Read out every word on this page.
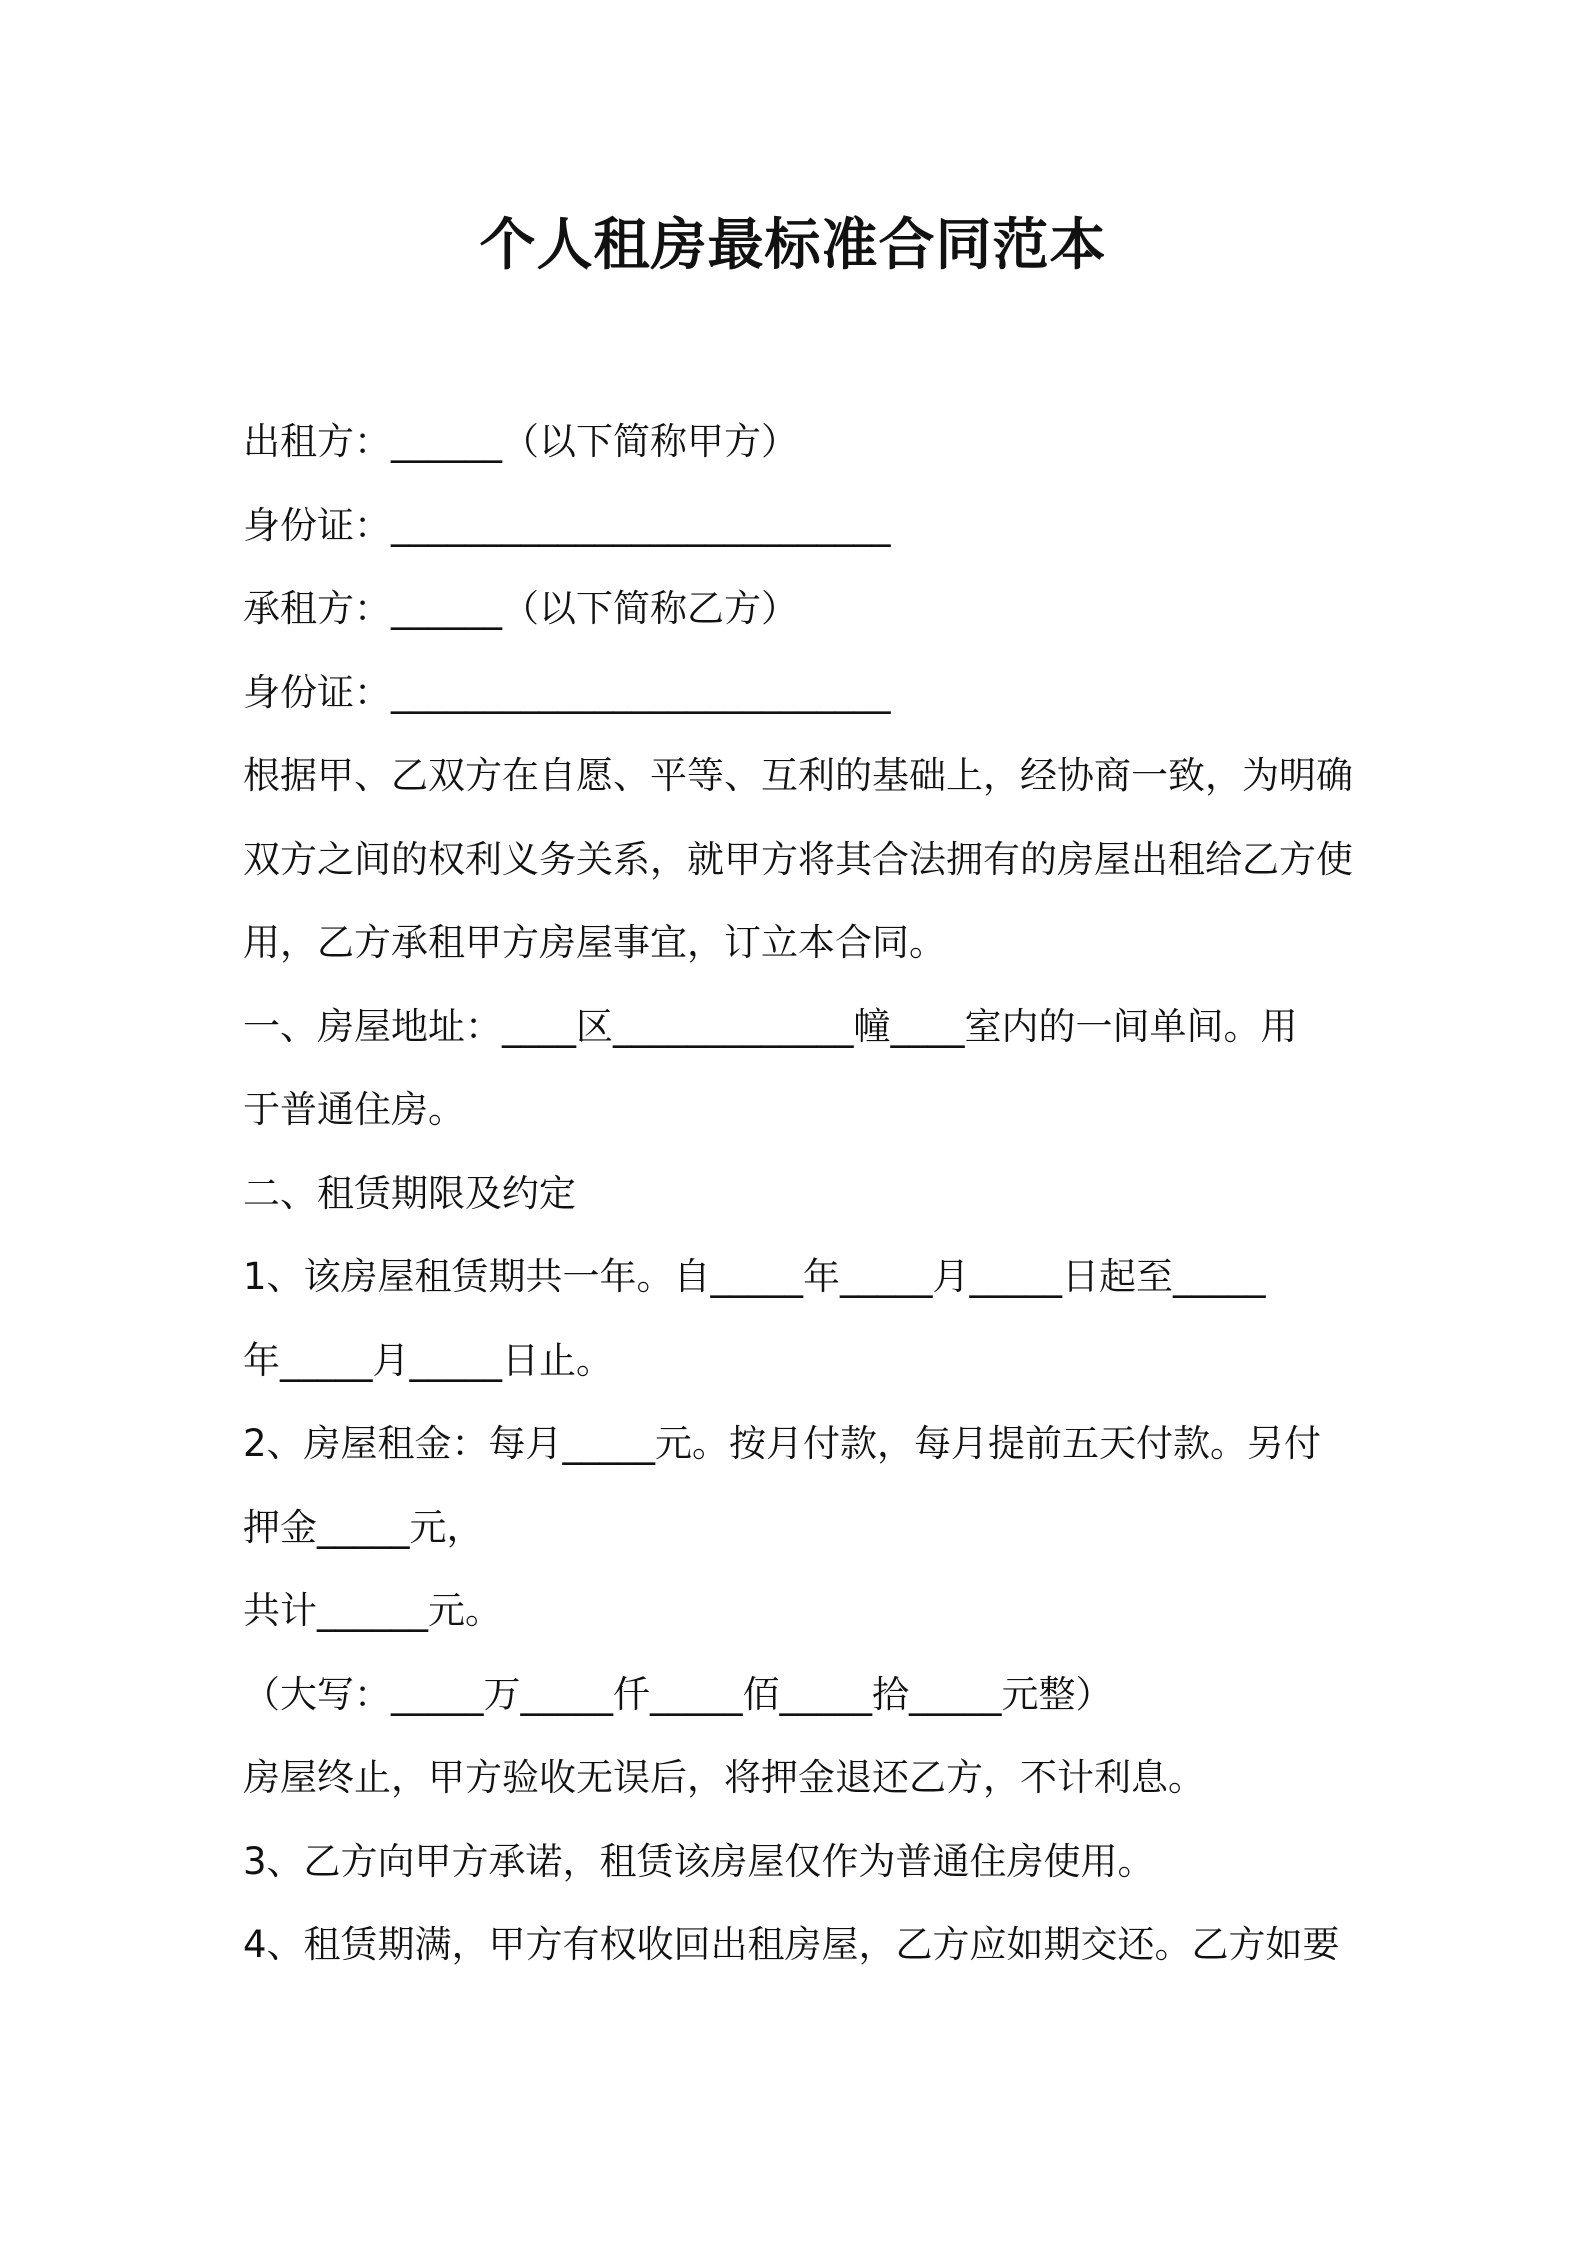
个人租房最标准合同范本

出租方：______（以下简称甲方）

身份证：___________________________

承租方：______（以下简称乙方）

身份证：___________________________

根据甲、乙双方在自愿、平等、互利的基础上，经协商一致，为明确

双方之间的权利义务关系，就甲方将其合法拥有的房屋出租给乙方使

用，乙方承租甲方房屋事宜，订立本合同。

一、房屋地址：____区_____________幢____室内的一间单间。用

于普通住房。

二、租赁期限及约定

1、该房屋租赁期共一年。自_____年_____月_____日起至_____

年_____月_____日止。

2、房屋租金：每月_____元。按月付款，每月提前五天付款。另付

押金_____元，

共计______元。

（大写：_____万_____仟_____佰_____拾_____元整）

房屋终止，甲方验收无误后，将押金退还乙方，不计利息。

3、乙方向甲方承诺，租赁该房屋仅作为普通住房使用。

4、租赁期满，甲方有权收回出租房屋，乙方应如期交还。乙方如要
